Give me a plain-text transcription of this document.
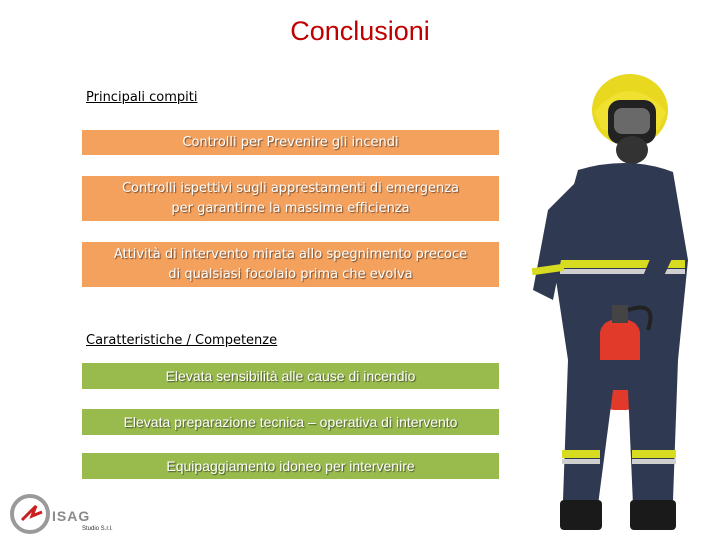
Conclusioni
Principali compiti
Controlli per Prevenire gli incendi
Controlli ispettivi sugli apprestamenti di emergenza
per garantirne la massima efficienza
Attività di intervento mirata allo spegnimento precoce
di qualsiasi focolaio prima che evolva
Caratteristiche / Competenze
Elevata sensibilità alle cause di incendio
Elevata preparazione tecnica – operativa di intervento
Equipaggiamento idoneo per intervenire
ISAG
Studio S.r.l.
